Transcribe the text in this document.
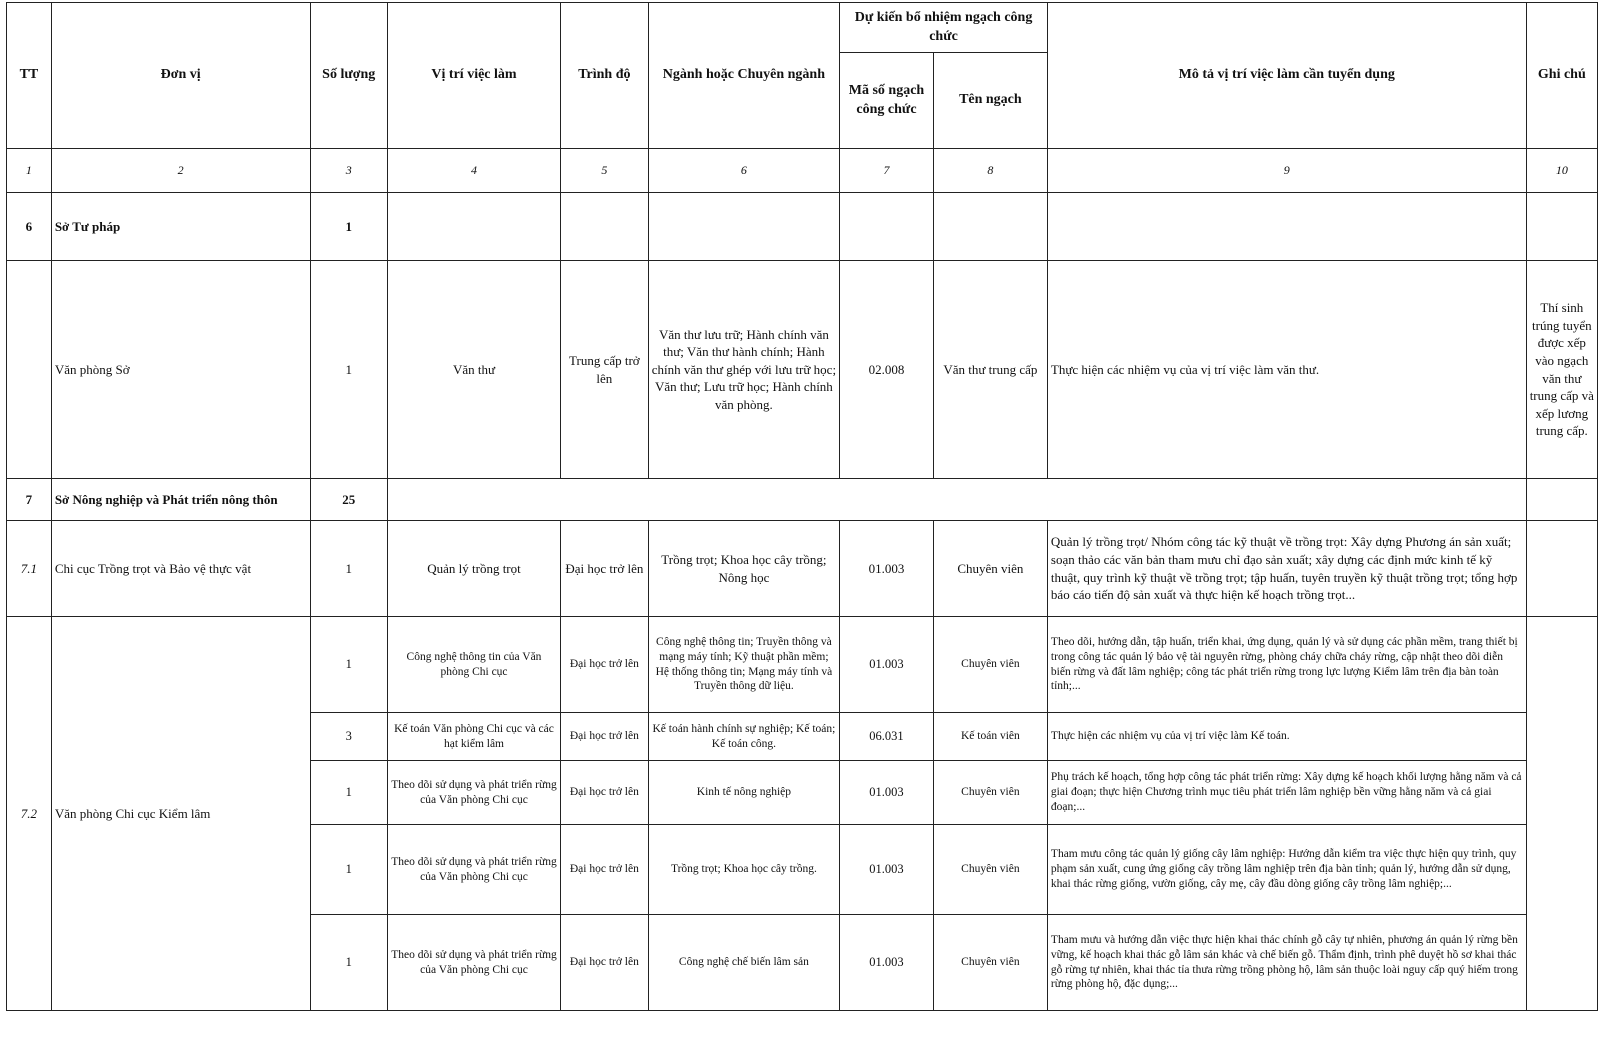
TT	Đơn vị	Số lượng	Vị trí việc làm	Trình độ	Ngành hoặc Chuyên ngành	Dự kiến bổ nhiệm ngạch công chức		Mô tả vị trí việc làm cần tuyển dụng	Ghi chú
						Mã số ngạch công chức	Tên ngạch		
1	2	3	4	5	6	7	8	9	10
6	Sở Tư pháp	1							
	Văn phòng Sở	1	Văn thư	Trung cấp trở lên	Văn thư lưu trữ; Hành chính văn thư; Văn thư hành chính; Hành chính văn thư ghép với lưu trữ học; Văn thư; Lưu trữ học; Hành chính văn phòng.	02.008	Văn thư trung cấp	Thực hiện các nhiệm vụ của vị trí việc làm văn thư.	Thí sinh trúng tuyển được xếp vào ngạch văn thư trung cấp và xếp lương trung cấp.
7	Sở Nông nghiệp và Phát triển nông thôn	25							
7.1	Chi cục Trồng trọt và Bảo vệ thực vật	1	Quản lý trồng trọt	Đại học trở lên	Trồng trọt; Khoa học cây trồng; Nông học	01.003	Chuyên viên	Quản lý trồng trọt/ Nhóm công tác kỹ thuật về trồng trọt: Xây dựng Phương án sản xuất; soạn thảo các văn bản tham mưu chỉ đạo sản xuất; xây dựng các định mức kinh tế kỹ thuật, quy trình kỹ thuật về trồng trọt; tập huấn, tuyên truyền kỹ thuật trồng trọt; tổng hợp báo cáo tiến độ sản xuất và thực hiện kế hoạch trồng trọt...	
7.2	Văn phòng Chi cục Kiểm lâm	1	Công nghệ thông tin của Văn phòng Chi cục	Đại học trở lên	Công nghệ thông tin; Truyền thông và mạng máy tính; Kỹ thuật phần mềm; Hệ thống thông tin; Mạng máy tính và Truyền thông dữ liệu.	01.003	Chuyên viên	Theo dõi, hướng dẫn, tập huấn, triển khai, ứng dụng, quản lý và sử dụng các phần mềm, trang thiết bị trong công tác quản lý bảo vệ tài nguyên rừng, phòng cháy chữa cháy rừng, cập nhật theo dõi diễn biến rừng và đất lâm nghiệp; công tác phát triển rừng trong lực lượng Kiểm lâm trên địa bàn toàn tỉnh;...	
		3	Kế toán Văn phòng Chi cục và các hạt kiểm lâm	Đại học trở lên	Kế toán hành chính sự nghiệp; Kế toán; Kế toán công.	06.031	Kế toán viên	Thực hiện các nhiệm vụ của vị trí việc làm Kế toán.	
		1	Theo dõi sử dụng và phát triển rừng của Văn phòng Chi cục	Đại học trở lên	Kinh tế nông nghiệp	01.003	Chuyên viên	Phụ trách kế hoạch, tổng hợp công tác phát triển rừng: Xây dựng kế hoạch khối lượng hằng năm và cả giai đoạn; thực hiện Chương trình mục tiêu phát triển lâm nghiệp bền vững hằng năm và cả giai đoạn;...	
		1	Theo dõi sử dụng và phát triển rừng của Văn phòng Chi cục	Đại học trở lên	Trồng trọt; Khoa học cây trồng.	01.003	Chuyên viên	Tham mưu công tác quản lý giống cây lâm nghiệp: Hướng dẫn kiểm tra việc thực hiện quy trình, quy phạm sản xuất, cung ứng giống cây trồng lâm nghiệp trên địa bàn tỉnh; quản lý, hướng dẫn sử dụng, khai thác rừng giống, vườn giống, cây mẹ, cây đầu dòng giống cây trồng lâm nghiệp;...	
		1	Theo dõi sử dụng và phát triển rừng của Văn phòng Chi cục	Đại học trở lên	Công nghệ chế biến lâm sản	01.003	Chuyên viên	Tham mưu và hướng dẫn việc thực hiện khai thác chính gỗ cây tự nhiên, phương án quản lý rừng bền vững, kế hoạch khai thác gỗ lâm sản khác và chế biến gỗ. Thẩm định, trình phê duyệt hồ sơ khai thác gỗ rừng tự nhiên, khai thác tỉa thưa rừng trồng phòng hộ, lâm sản thuộc loài nguy cấp quý hiếm trong rừng phòng hộ, đặc dụng;...	
